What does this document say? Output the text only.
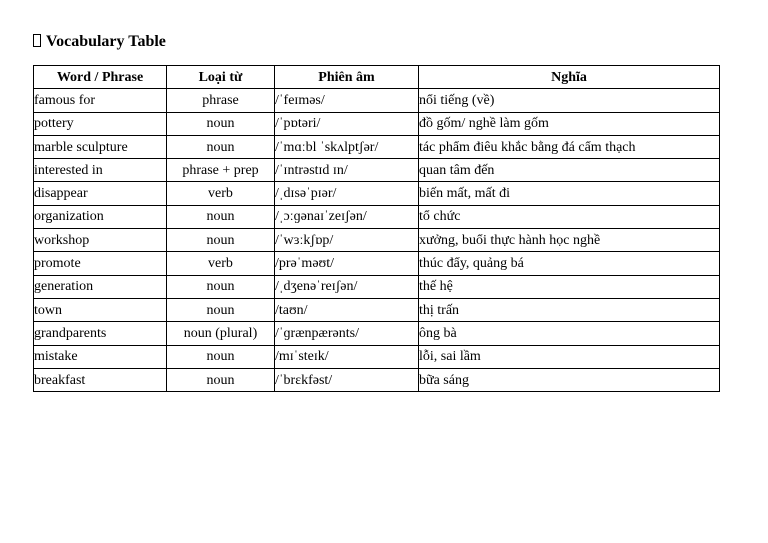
Vocabulary Table
Word / Phrase	Loại từ	Phiên âm	Nghĩa
famous for	phrase	/ˈfeɪməs/	nổi tiếng (về)
pottery	noun	/ˈpɒtəri/	đồ gốm/ nghề làm gốm
marble sculpture	noun	/ˈmɑːbl ˈskʌlptʃər/	tác phẩm điêu khắc bằng đá cẩm thạch
interested in	phrase + prep	/ˈɪntrəstɪd ɪn/	quan tâm đến
disappear	verb	/ˌdɪsəˈpɪər/	biến mất, mất đi
organization	noun	/ˌɔːɡənaɪˈzeɪʃən/	tổ chức
workshop	noun	/ˈwɜːkʃɒp/	xưởng, buổi thực hành học nghề
promote	verb	/prəˈməʊt/	thúc đẩy, quảng bá
generation	noun	/ˌdʒenəˈreɪʃən/	thế hệ
town	noun	/taʊn/	thị trấn
grandparents	noun (plural)	/ˈɡrænpærənts/	ông bà
mistake	noun	/mɪˈsteɪk/	lỗi, sai lầm
breakfast	noun	/ˈbrɛkfəst/	bữa sáng
